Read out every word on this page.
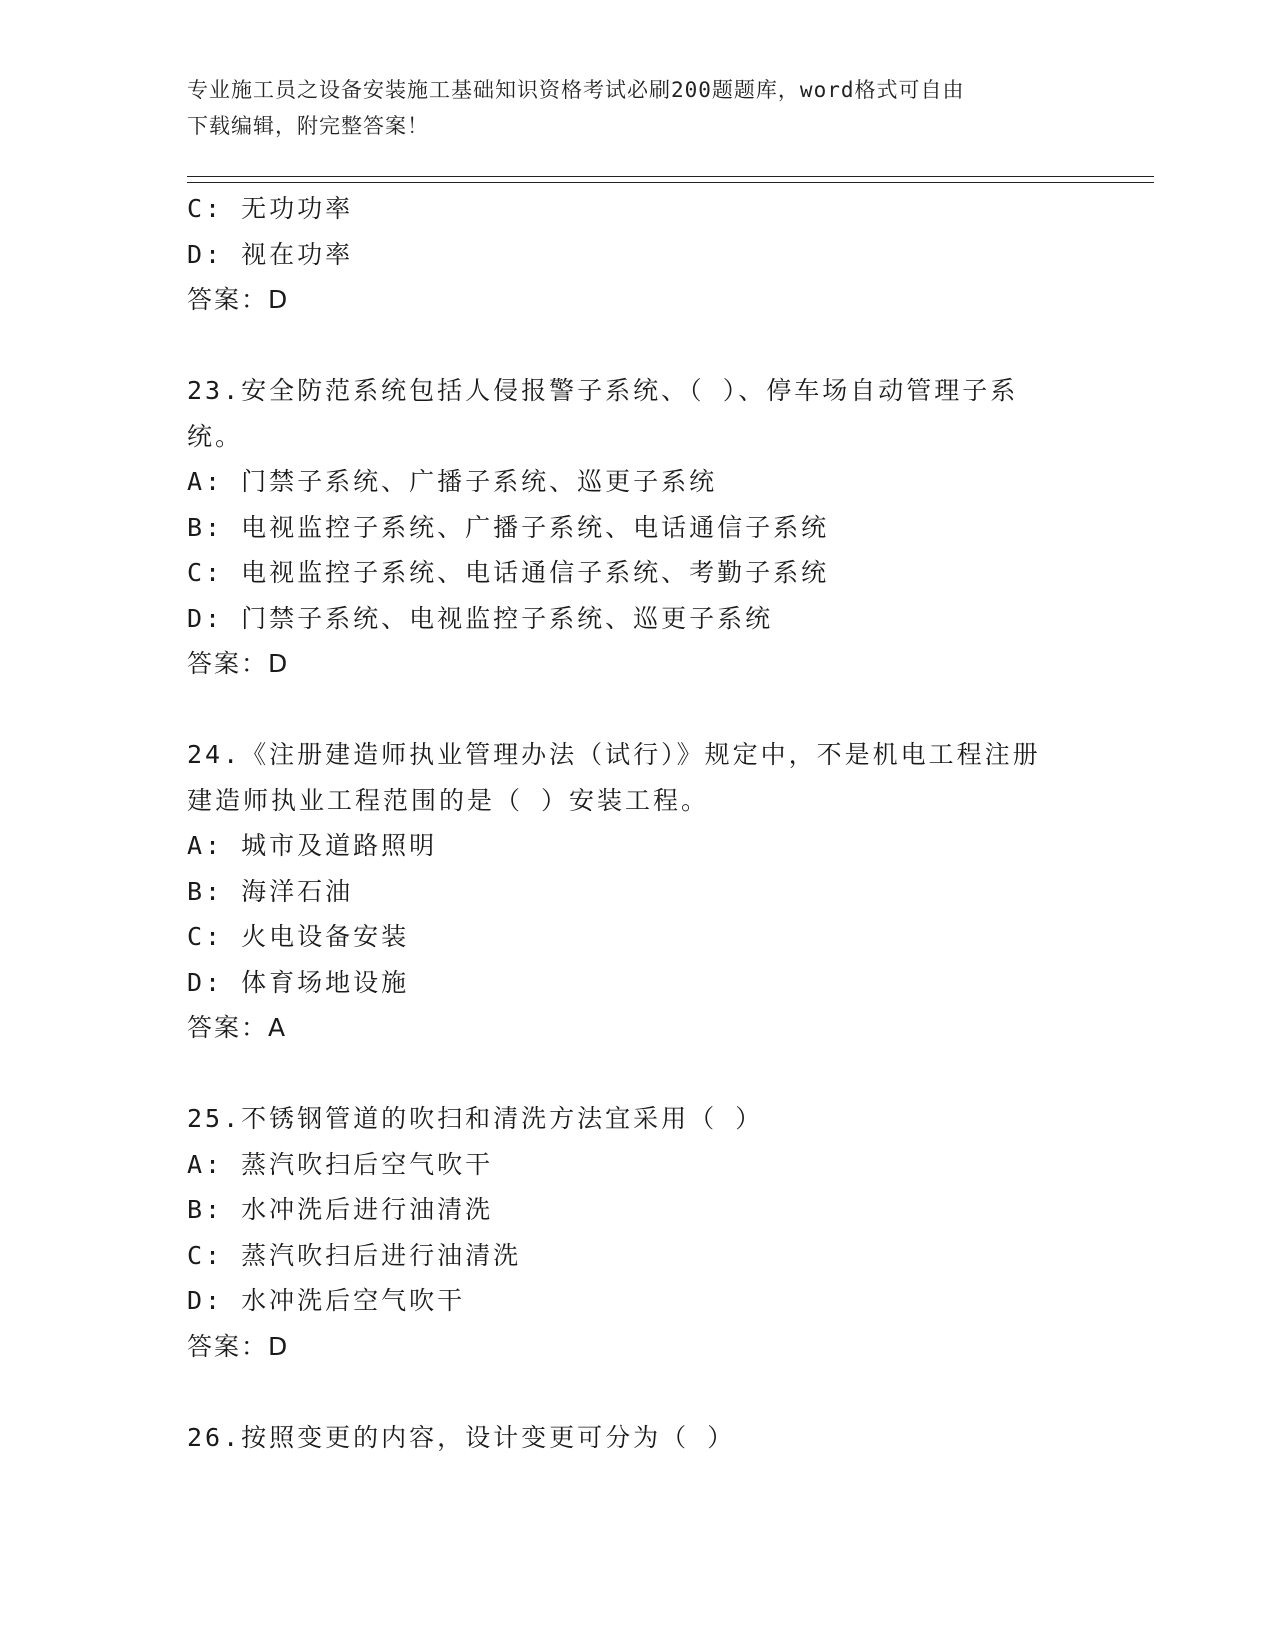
专业施工员之设备安装施工基础知识资格考试必刷200题题库，word格式可自由
下载编辑，附完整答案！
C: 无功功率
D: 视在功率
答案：D
23.安全防范系统包括人侵报警子系统、（ ）、停车场自动管理子系
统。
A: 门禁子系统、广播子系统、巡更子系统
B: 电视监控子系统、广播子系统、电话通信子系统
C: 电视监控子系统、电话通信子系统、考勤子系统
D: 门禁子系统、电视监控子系统、巡更子系统
答案：D
24.《注册建造师执业管理办法（试行）》规定中，不是机电工程注册
建造师执业工程范围的是（ ）安装工程。
A: 城市及道路照明
B: 海洋石油
C: 火电设备安装
D: 体育场地设施
答案：A
25.不锈钢管道的吹扫和清洗方法宜采用（ ）
A: 蒸汽吹扫后空气吹干
B: 水冲洗后进行油清洗
C: 蒸汽吹扫后进行油清洗
D: 水冲洗后空气吹干
答案：D
26.按照变更的内容，设计变更可分为（ ）
